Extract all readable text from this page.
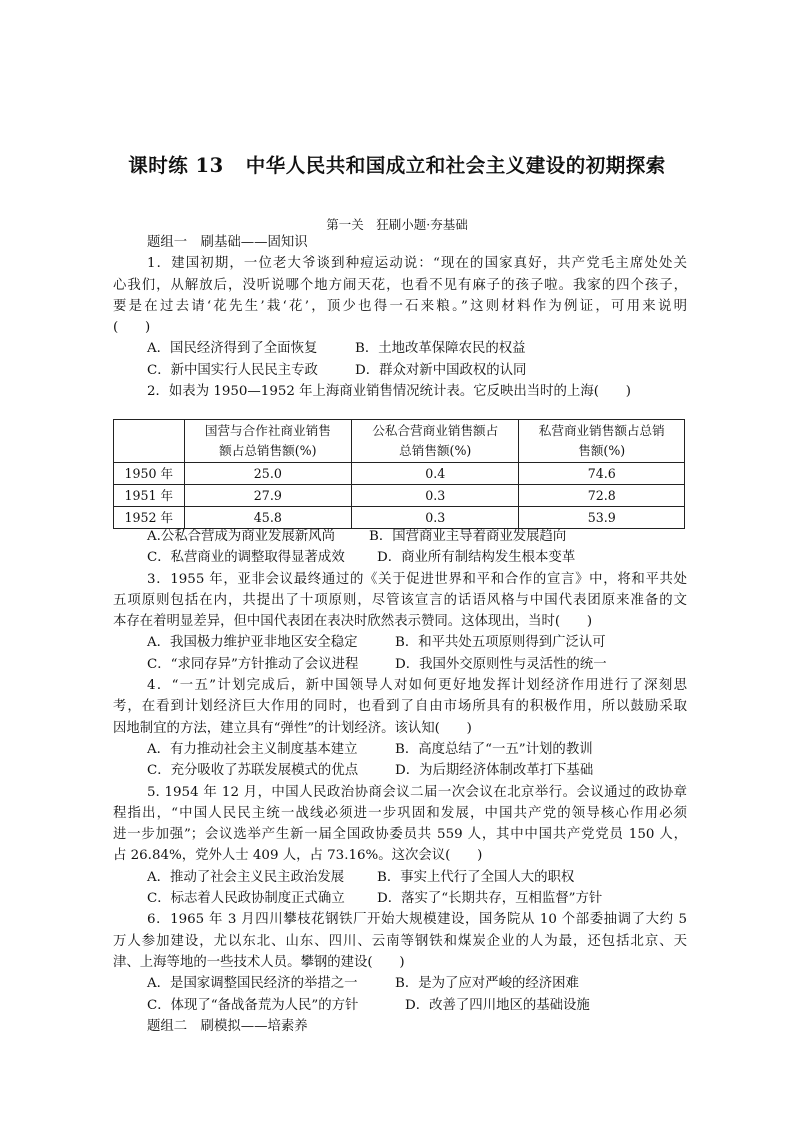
课时练 13 中华人民共和国成立和社会主义建设的初期探索
第一关　狂刷小题·夯基础
题组一　刷基础——固知识
1．建国初期，一位老大爷谈到种痘运动说：“现在的国家真好，共产党毛主席处处关
心我们，从解放后，没听说哪个地方闹天花，也看不见有麻子的孩子啦。我家的四个孩子，
要是在过去请‘花先生’栽‘花’，顶少也得一石来粮。”这则材料作为例证，可用来说明
(　　)
A．国民经济得到了全面恢复	B．土地改革保障农民的权益
C．新中国实行人民民主专政	D．群众对新中国政权的认同
2．如表为 1950—1952 年上海商业销售情况统计表。它反映出当时的上海(　　)
	国营与合作社商业销售
额占总销售额(%)	公私合营商业销售额占
总销售额(%)	私营商业销售额占总销
售额(%)
1950 年	25.0	0.4	74.6
1951 年	27.9	0.3	72.8
1952 年	45.8	0.3	53.9
A.公私合营成为商业发展新风尚	B．国营商业主导着商业发展趋向
C．私营商业的调整取得显著成效 D．商业所有制结构发生根本变革
3．1955 年，亚非会议最终通过的《关于促进世界和平和合作的宣言》中，将和平共处
五项原则包括在内，共提出了十项原则，尽管该宣言的话语风格与中国代表团原来准备的文
本存在着明显差异，但中国代表团在表决时欣然表示赞同。这体现出，当时(　　)
A．我国极力维护亚非地区安全稳定	B．和平共处五项原则得到广泛认可
C．“求同存异”方针推动了会议进程	D．我国外交原则性与灵活性的统一
4．“一五”计划完成后，新中国领导人对如何更好地发挥计划经济作用进行了深刻思
考，在看到计划经济巨大作用的同时，也看到了自由市场所具有的积极作用，所以鼓励采取
因地制宜的方法，建立具有“弹性”的计划经济。该认知(　　)
A．有力推动社会主义制度基本建立	B．高度总结了“一五”计划的教训
C．充分吸收了苏联发展模式的优点	D．为后期经济体制改革打下基础
5. 1954 年 12 月，中国人民政治协商会议二届一次会议在北京举行。会议通过的政协章
程指出，“中国人民民主统一战线必须进一步巩固和发展，中国共产党的领导核心作用必须
进一步加强”；会议选举产生新一届全国政协委员共 559 人，其中中国共产党党员 150 人，
占 26.84%，党外人士 409 人，占 73.16%。这次会议(　　)
A．推动了社会主义民主政治发展 B．事实上代行了全国人大的职权
C．标志着人民政协制度正式确立 D．落实了“长期共存，互相监督”方针
6．1965 年 3 月四川攀枝花钢铁厂开始大规模建设，国务院从 10 个部委抽调了大约 5
万人参加建设，尤以东北、山东、四川、云南等钢铁和煤炭企业的人为最，还包括北京、天
津、上海等地的一些技术人员。攀钢的建设(　　)
A．是国家调整国民经济的举措之一	B．是为了应对严峻的经济困难
C．体现了“备战备荒为人民”的方针	D．改善了四川地区的基础设施
题组二　刷模拟——培素养
